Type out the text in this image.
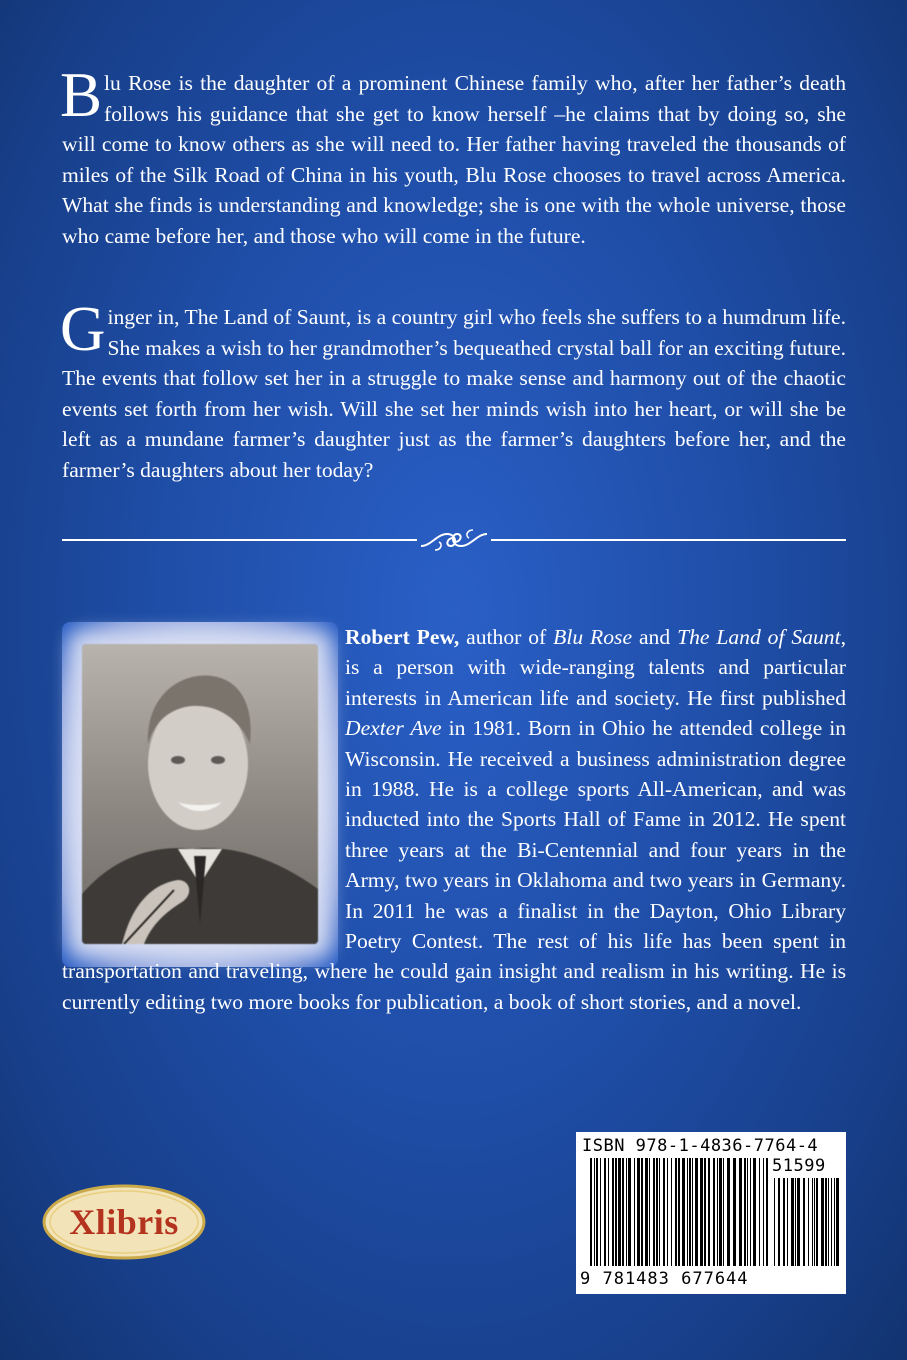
Blu Rose is the daughter of a prominent Chinese family who, after her father’s death follows his guidance that she get to know herself –he claims that by doing so, she will come to know others as she will need to. Her father having traveled the thousands of miles of the Silk Road of China in his youth, Blu Rose chooses to travel across America. What she finds is understanding and knowledge; she is one with the whole universe, those who came before her, and those who will come in the future.

Ginger in, The Land of Saunt, is a country girl who feels she suffers to a humdrum life. She makes a wish to her grandmother’s bequeathed crystal ball for an exciting future. The events that follow set her in a struggle to make sense and harmony out of the chaotic events set forth from her wish. Will she set her minds wish into her heart, or will she be left as a mundane farmer’s daughter just as the farmer’s daughters before her, and the farmer’s daughters about her today?

Robert Pew, author of Blu Rose and The Land of Saunt, is a person with wide-ranging talents and particular interests in American life and society. He first published Dexter Ave in 1981. Born in Ohio he attended college in Wisconsin. He received a business administration degree in 1988. He is a college sports All-American, and was inducted into the Sports Hall of Fame in 2012. He spent three years at the Bi-Centennial and four years in the Army, two years in Oklahoma and two years in Germany. In 2011 he was a finalist in the Dayton, Ohio Library Poetry Contest. The rest of his life has been spent in transportation and traveling, where he could gain insight and realism in his writing. He is currently editing two more books for publication, a book of short stories, and a novel.

ISBN 978-1-4836-7764-4
51599
9 781483 677644
Xlibris
